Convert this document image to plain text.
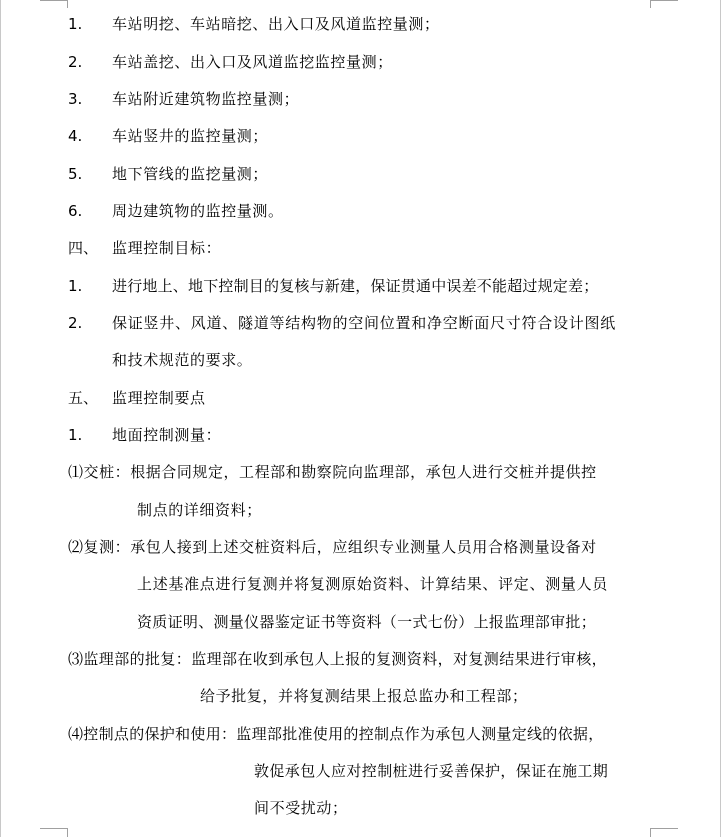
1. 车站明挖、车站暗挖、出入口及风道监控量测；
2. 车站盖挖、出入口及风道监挖监控量测；
3. 车站附近建筑物监控量测；
4. 车站竖井的监控量测；
5. 地下管线的监挖量测；
6. 周边建筑物的监控量测。
四、 监理控制目标：
1. 进行地上、地下控制目的复核与新建，保证贯通中误差不能超过规定差；
2. 保证竖井、风道、隧道等结构物的空间位置和净空断面尺寸符合设计图纸
和技术规范的要求。
五、 监理控制要点
1. 地面控制测量：
⑴交桩：根据合同规定，工程部和勘察院向监理部，承包人进行交桩并提供控
制点的详细资料；
⑵复测：承包人接到上述交桩资料后，应组织专业测量人员用合格测量设备对
上述基准点进行复测并将复测原始资料、计算结果、评定、测量人员
资质证明、测量仪器鉴定证书等资料（一式七份）上报监理部审批；
⑶监理部的批复：监理部在收到承包人上报的复测资料，对复测结果进行审核，
给予批复，并将复测结果上报总监办和工程部；
⑷控制点的保护和使用：监理部批准使用的控制点作为承包人测量定线的依据，
敦促承包人应对控制桩进行妥善保护，保证在施工期
间不受扰动；
